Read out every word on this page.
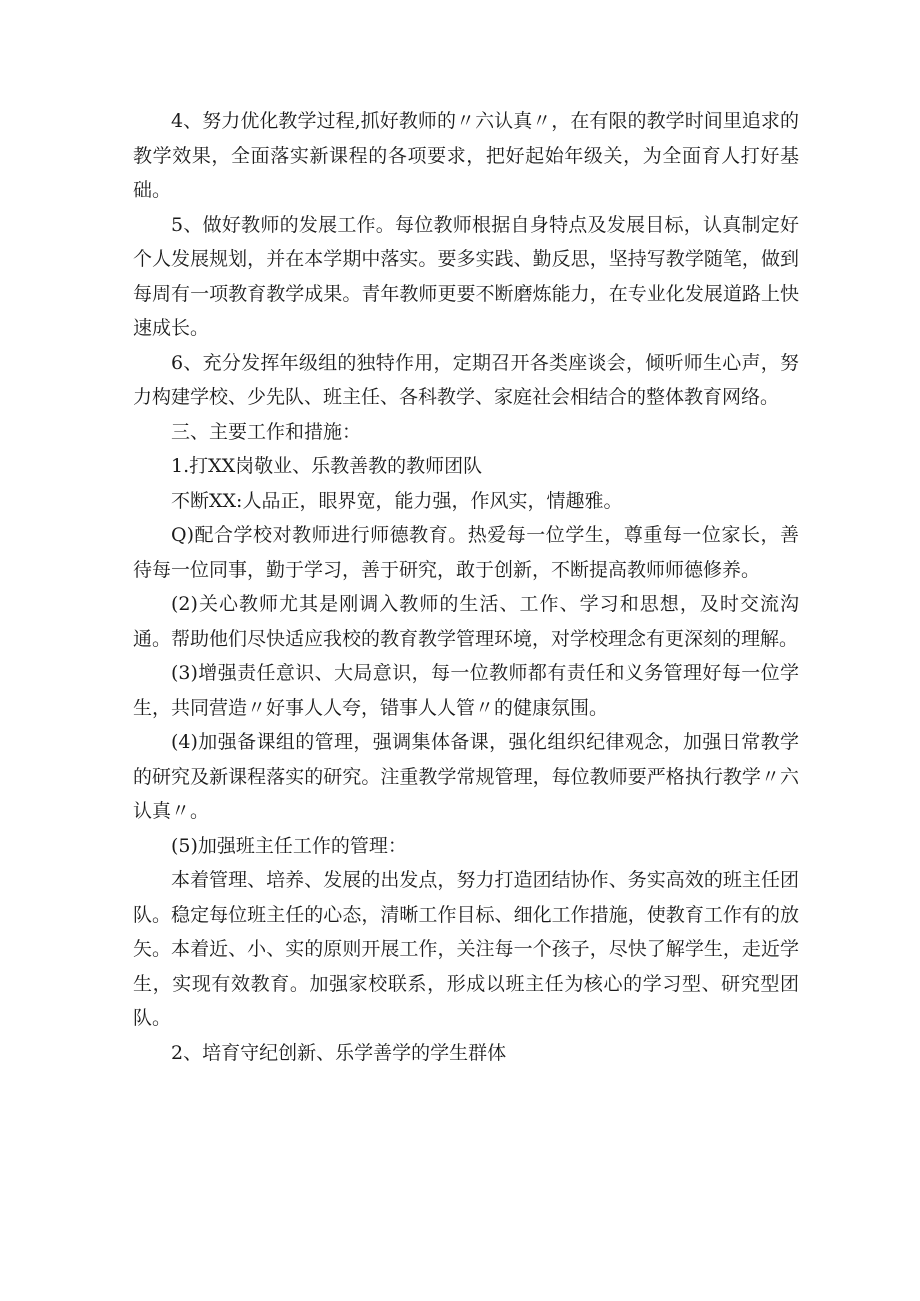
4、努力优化教学过程,抓好教师的〃六认真〃，在有限的教学时间里追求的教学效果，全面落实新课程的各项要求，把好起始年级关，为全面育人打好基础。

5、做好教师的发展工作。每位教师根据自身特点及发展目标，认真制定好个人发展规划，并在本学期中落实。要多实践、勤反思，坚持写教学随笔，做到每周有一项教育教学成果。青年教师更要不断磨炼能力，在专业化发展道路上快速成长。

6、充分发挥年级组的独特作用，定期召开各类座谈会，倾听师生心声，努力构建学校、少先队、班主任、各科教学、家庭社会相结合的整体教育网络。

三、主要工作和措施：

1.打XX岗敬业、乐教善教的教师团队

不断XX:人品正，眼界宽，能力强，作风实，情趣雅。

Q)配合学校对教师进行师德教育。热爱每一位学生，尊重每一位家长，善待每一位同事，勤于学习，善于研究，敢于创新，不断提高教师师德修养。

(2)关心教师尤其是刚调入教师的生活、工作、学习和思想，及时交流沟通。帮助他们尽快适应我校的教育教学管理环境，对学校理念有更深刻的理解。

(3)增强责任意识、大局意识，每一位教师都有责任和义务管理好每一位学生，共同营造〃好事人人夸，错事人人管〃的健康氛围。

(4)加强备课组的管理，强调集体备课，强化组织纪律观念，加强日常教学的研究及新课程落实的研究。注重教学常规管理，每位教师要严格执行教学〃六认真〃。

(5)加强班主任工作的管理：

本着管理、培养、发展的出发点，努力打造团结协作、务实高效的班主任团队。稳定每位班主任的心态，清晰工作目标、细化工作措施，使教育工作有的放矢。本着近、小、实的原则开展工作，关注每一个孩子，尽快了解学生，走近学生，实现有效教育。加强家校联系，形成以班主任为核心的学习型、研究型团队。

2、培育守纪创新、乐学善学的学生群体
